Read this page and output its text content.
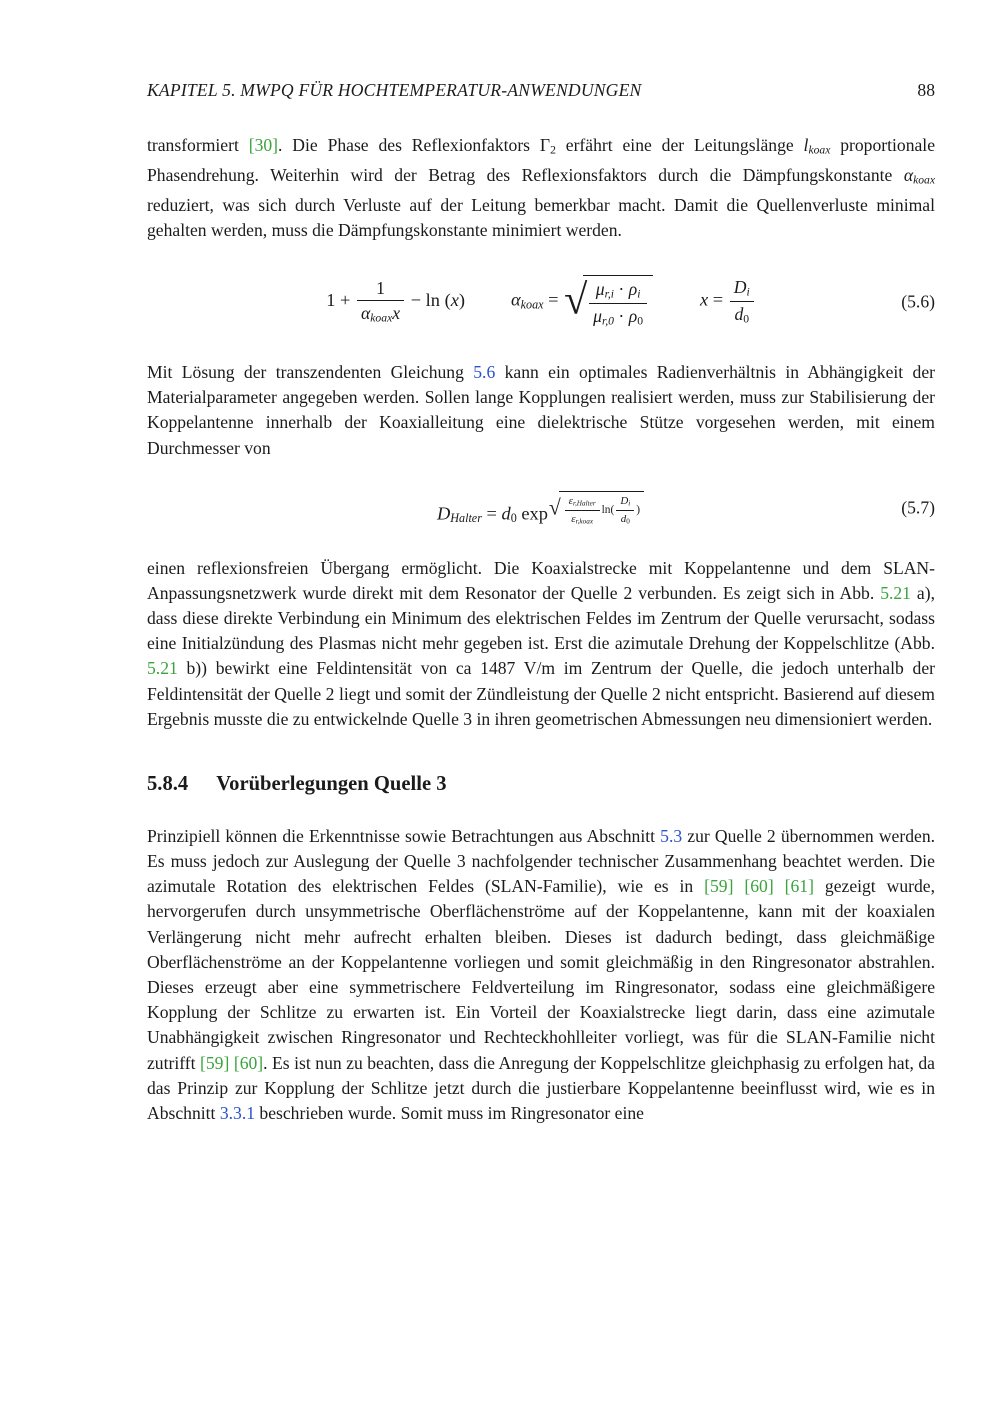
KAPITEL 5. MWPQ FÜR HOCHTEMPERATUR-ANWENDUNGEN	88

transformiert [30]. Die Phase des Reflexionfaktors $\Gamma_2$ erfährt eine der Leitungslänge lkoax proportionale Phasendrehung. Weiterhin wird der Betrag des Reflexionsfaktors durch die Dämpfungskonstante αkoax reduziert, was sich durch Verluste auf der Leitung bemerkbar macht. Damit die Quellenverluste minimal gehalten werden, muss die Dämpfungskonstante minimiert werden.

$1 + \frac{1}{\text{αkoaxx}} - \ln (x)$	αkoax = √ $\frac{\mu r,i \cdot \rho i}{\mu r,0 \cdot \rho_0}$	$x = \frac{Di}{d_0}$	(5.6)

Mit Lösung der transzendenten Gleichung 5.6 kann ein optimales Radienverhältnis in Abhängigkeit der Materialparameter angegeben werden. Sollen lange Kopplungen realisiert werden, muss zur Stabilisierung der Koppelantenne innerhalb der Koaxialleitung eine dielektrische Stütze vorgesehen werden, mit einem Durchmesser von

DHalter = $d_0$ exp √ $\frac{\text{εr,Halter}}{\text{εr,koax}}$ ln ( $\frac{Di}{d_0}$ )	(5.7)

einen reflexionsfreien Übergang ermöglicht. Die Koaxialstrecke mit Koppelantenne und dem SLAN-Anpassungsnetzwerk wurde direkt mit dem Resonator der Quelle 2 verbunden. Es zeigt sich in Abb. 5.21 a), dass diese direkte Verbindung ein Minimum des elektrischen Feldes im Zentrum der Quelle verursacht, sodass eine Initialzündung des Plasmas nicht mehr gegeben ist. Erst die azimutale Drehung der Koppelschlitze (Abb. 5.21 b)) bewirkt eine Feldintensität von ca 1487 V/m im Zentrum der Quelle, die jedoch unterhalb der Feldintensität der Quelle 2 liegt und somit der Zündleistung der Quelle 2 nicht entspricht. Basierend auf diesem Ergebnis musste die zu entwickelnde Quelle 3 in ihren geometrischen Abmessungen neu dimensioniert werden.

5.8.4 Vorüberlegungen Quelle 3

Prinzipiell können die Erkenntnisse sowie Betrachtungen aus Abschnitt 5.3 zur Quelle 2 übernommen werden. Es muss jedoch zur Auslegung der Quelle 3 nachfolgender technischer Zusammenhang beachtet werden. Die azimutale Rotation des elektrischen Feldes (SLAN-Familie), wie es in [59] [60] [61] gezeigt wurde, hervorgerufen durch unsymmetrische Oberflächenströme auf der Koppelantenne, kann mit der koaxialen Verlängerung nicht mehr aufrecht erhalten bleiben. Dieses ist dadurch bedingt, dass gleichmäßige Oberflächenströme an der Koppelantenne vorliegen und somit gleichmäßig in den Ringresonator abstrahlen. Dieses erzeugt aber eine symmetrischere Feldverteilung im Ringresonator, sodass eine gleichmäßigere Kopplung der Schlitze zu erwarten ist. Ein Vorteil der Koaxialstrecke liegt darin, dass eine azimutale Unabhängigkeit zwischen Ringresonator und Rechteckhohlleiter vorliegt, was für die SLAN-Familie nicht zutrifft [59] [60]. Es ist nun zu beachten, dass die Anregung der Koppelschlitze gleichphasig zu erfolgen hat, da das Prinzip zur Kopplung der Schlitze jetzt durch die justierbare Koppelantenne beeinflusst wird, wie es in Abschnitt 3.3.1 beschrieben wurde. Somit muss im Ringresonator eine
